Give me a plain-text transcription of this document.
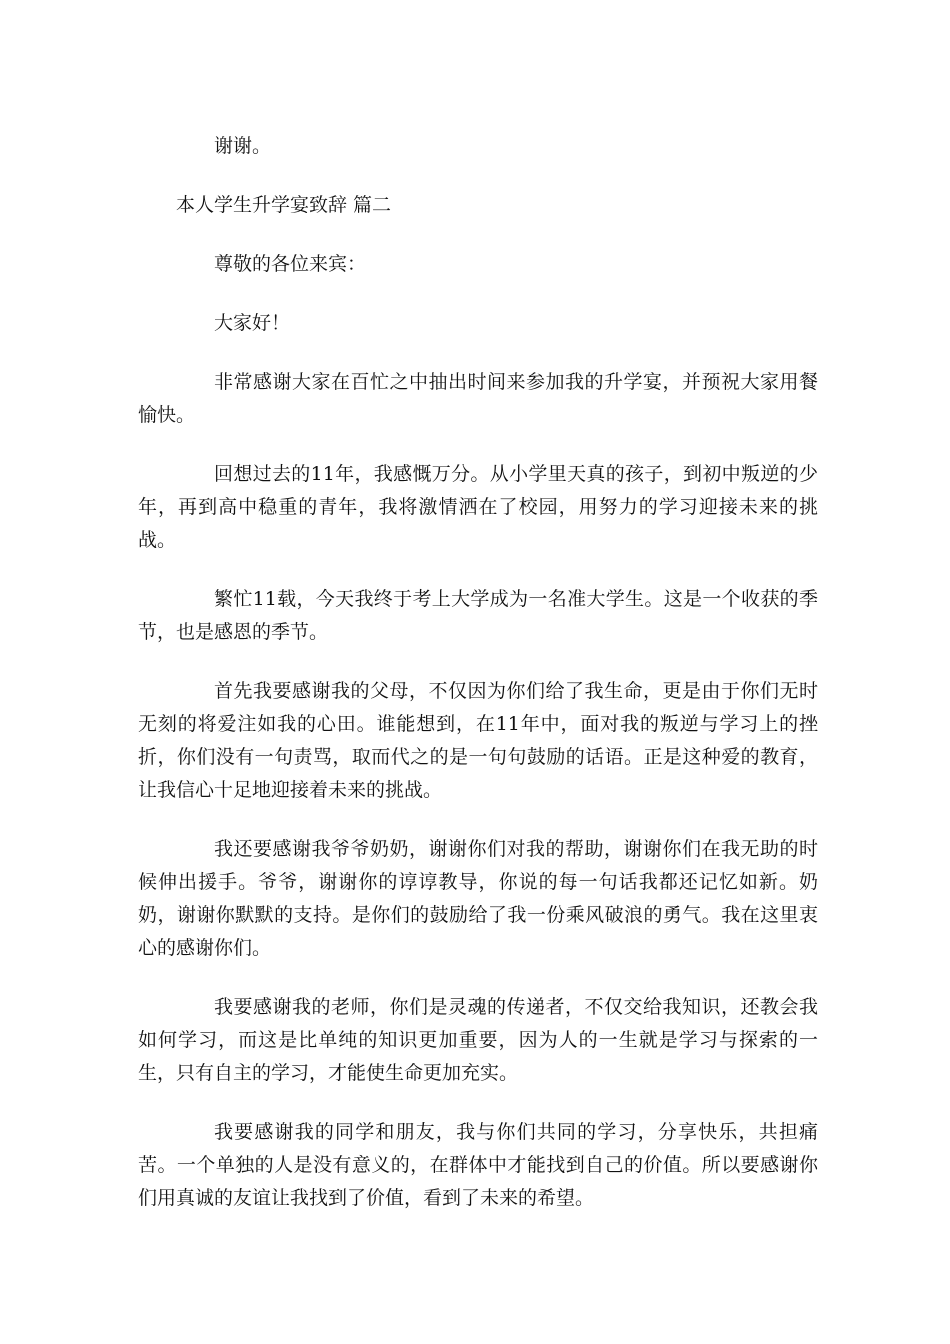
谢谢。

本人学生升学宴致辞 篇二

尊敬的各位来宾：

大家好！

非常感谢大家在百忙之中抽出时间来参加我的升学宴，并预祝大家用餐愉快。

回想过去的11年，我感慨万分。从小学里天真的孩子，到初中叛逆的少年，再到高中稳重的青年，我将激情洒在了校园，用努力的学习迎接未来的挑战。

繁忙11载，今天我终于考上大学成为一名准大学生。这是一个收获的季节，也是感恩的季节。

首先我要感谢我的父母，不仅因为你们给了我生命，更是由于你们无时无刻的将爱注如我的心田。谁能想到，在11年中，面对我的叛逆与学习上的挫折，你们没有一句责骂，取而代之的是一句句鼓励的话语。正是这种爱的教育，让我信心十足地迎接着未来的挑战。

我还要感谢我爷爷奶奶，谢谢你们对我的帮助，谢谢你们在我无助的时候伸出援手。爷爷，谢谢你的谆谆教导，你说的每一句话我都还记忆如新。奶奶，谢谢你默默的支持。是你们的鼓励给了我一份乘风破浪的勇气。我在这里衷心的感谢你们。

我要感谢我的老师，你们是灵魂的传递者，不仅交给我知识，还教会我如何学习，而这是比单纯的知识更加重要，因为人的一生就是学习与探索的一生，只有自主的学习，才能使生命更加充实。

我要感谢我的同学和朋友，我与你们共同的学习，分享快乐，共担痛苦。一个单独的人是没有意义的，在群体中才能找到自己的价值。所以要感谢你们用真诚的友谊让我找到了价值，看到了未来的希望。
